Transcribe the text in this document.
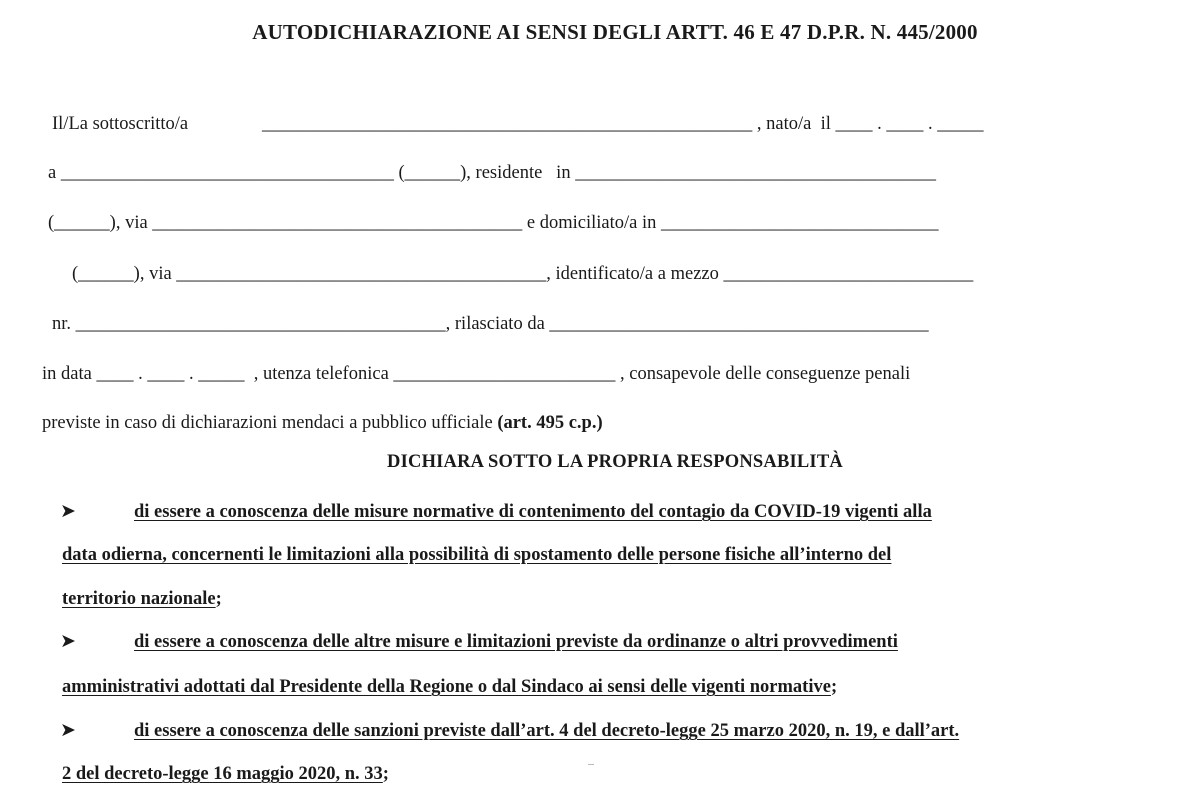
AUTODICHIARAZIONE AI SENSI DEGLI ARTT. 46 E 47 D.P.R. N. 445/2000
Il/La sottoscritto/a	_____________________________________________________ , nato/a  il ____ . ____ . _____
a ____________________________________ (______), residente   in _______________________________________
(______), via ________________________________________ e domiciliato/a in ______________________________
(______), via ________________________________________, identificato/a a mezzo ___________________________
nr. ________________________________________, rilasciato da _________________________________________
in data ____ . ____ . _____  , utenza telefonica ________________________ , consapevole delle conseguenze penali
previste in caso di dichiarazioni mendaci a pubblico ufficiale (art. 495 c.p.)
DICHIARA SOTTO LA PROPRIA RESPONSABILITÀ
➤	di essere a conoscenza delle misure normative di contenimento del contagio da COVID-19 vigenti alla
data odierna, concernenti le limitazioni alla possibilità di spostamento delle persone fisiche all’interno del
territorio nazionale;
➤	di essere a conoscenza delle altre misure e limitazioni previste da ordinanze o altri provvedimenti
amministrativi adottati dal Presidente della Regione o dal Sindaco ai sensi delle vigenti normative;
➤	di essere a conoscenza delle sanzioni previste dall’art. 4 del decreto-legge 25 marzo 2020, n. 19, e dall’art.
2 del decreto-legge 16 maggio 2020, n. 33;
